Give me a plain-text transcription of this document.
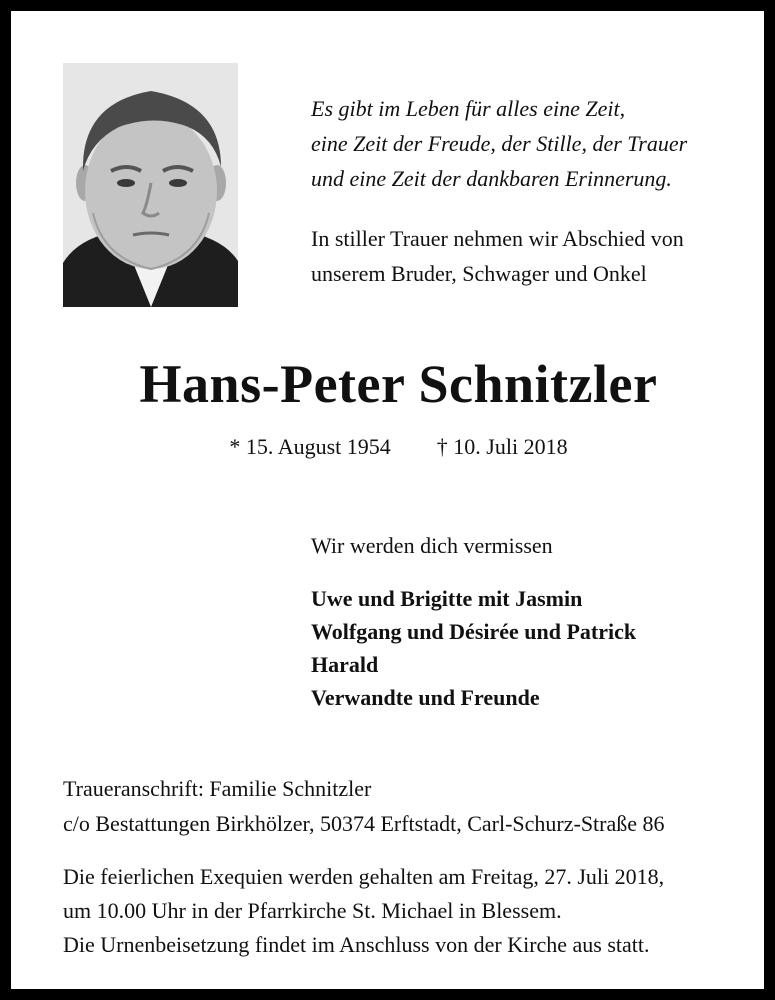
Es gibt im Leben für alles eine Zeit,
eine Zeit der Freude, der Stille, der Trauer
und eine Zeit der dankbaren Erinnerung.
In stiller Trauer nehmen wir Abschied von
unserem Bruder, Schwager und Onkel
Hans-Peter Schnitzler
* 15. August 1954 † 10. Juli 2018
Wir werden dich vermissen
Uwe und Brigitte mit Jasmin
Wolfgang und Désirée und Patrick
Harald
Verwandte und Freunde
Traueranschrift: Familie Schnitzler
c/o Bestattungen Birkhölzer, 50374 Erftstadt, Carl-Schurz-Straße 86
Die feierlichen Exequien werden gehalten am Freitag, 27. Juli 2018,
um 10.00 Uhr in der Pfarrkirche St. Michael in Blessem.
Die Urnenbeisetzung findet im Anschluss von der Kirche aus statt.
